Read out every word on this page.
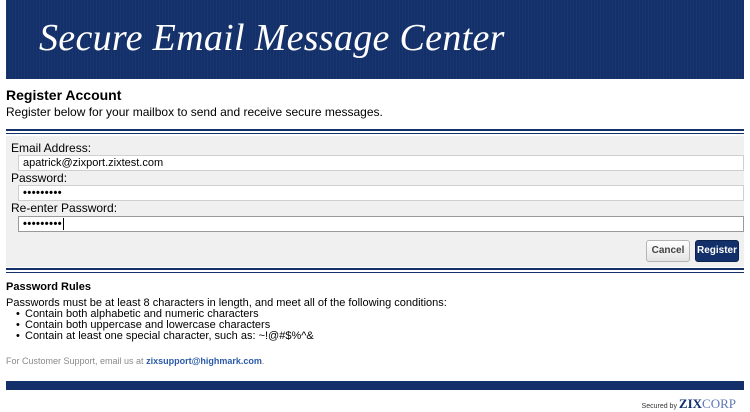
Secure Email Message Center
Register Account
Register below for your mailbox to send and receive secure messages.
Email Address:
apatrick@zixport.zixtest.com
Password:
•••••••••
Re-enter Password:
•••••••••
Cancel	Register
Password Rules
Passwords must be at least 8 characters in length, and meet all of the following conditions:
• Contain both alphabetic and numeric characters
• Contain both uppercase and lowercase characters
• Contain at least one special character, such as: ~!@#$%^&
For Customer Support, email us at zixsupport@highmark.com.
Secured by ZIXCORP
